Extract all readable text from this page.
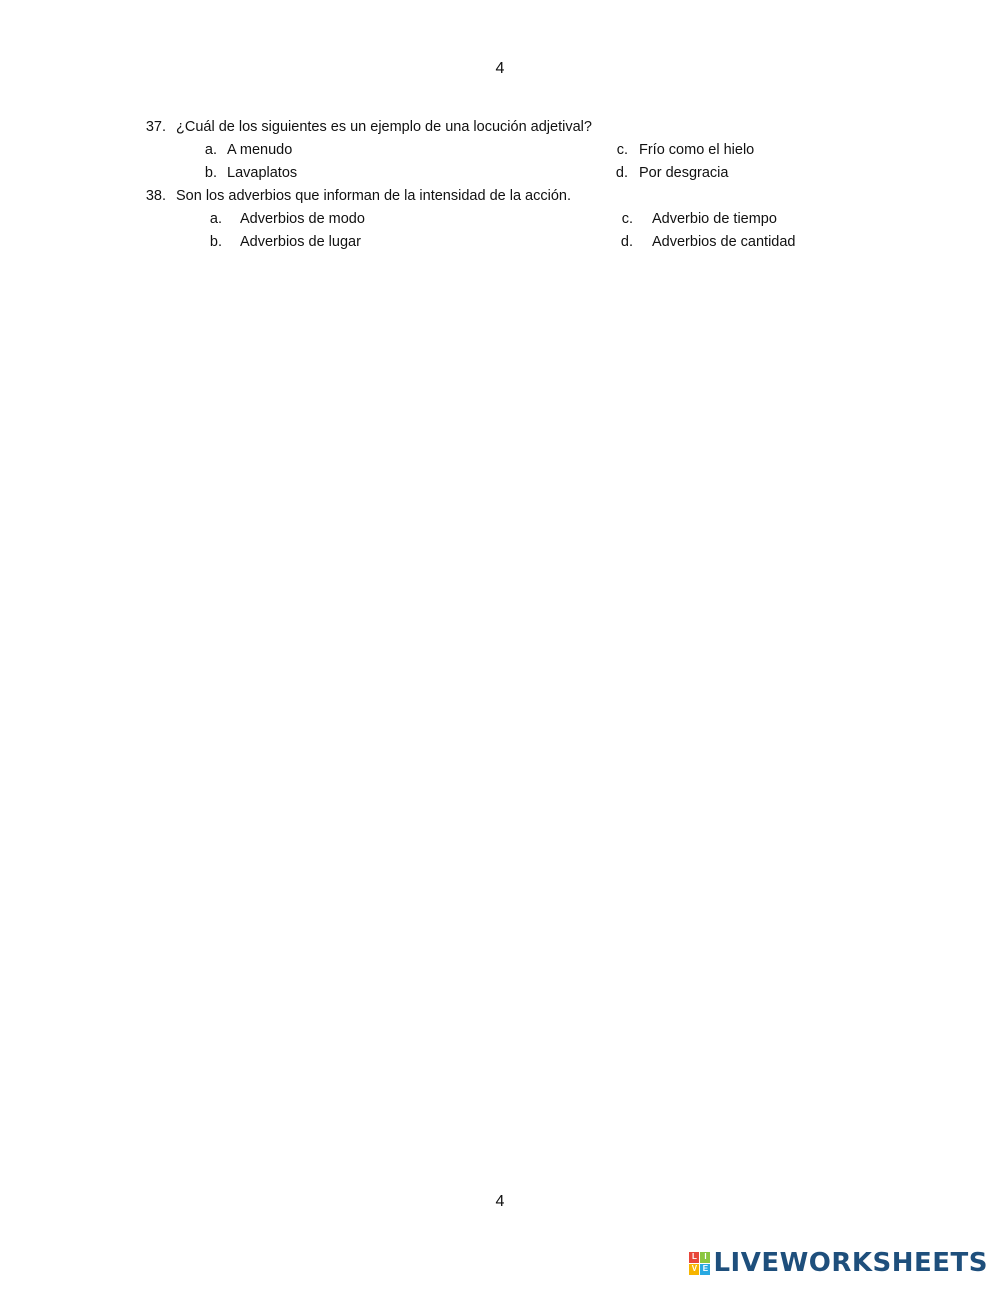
4
37. ¿Cuál de los siguientes es un ejemplo de una locución adjetival?
a. A menudo
b. Lavaplatos
c. Frío como el hielo
d. Por desgracia
38. Son los adverbios que informan de la intensidad de la acción.
a. Adverbios de modo
b. Adverbios de lugar
c. Adverbio de tiempo
d. Adverbios de cantidad
4
L I
V E LIVEWORKSHEETS
